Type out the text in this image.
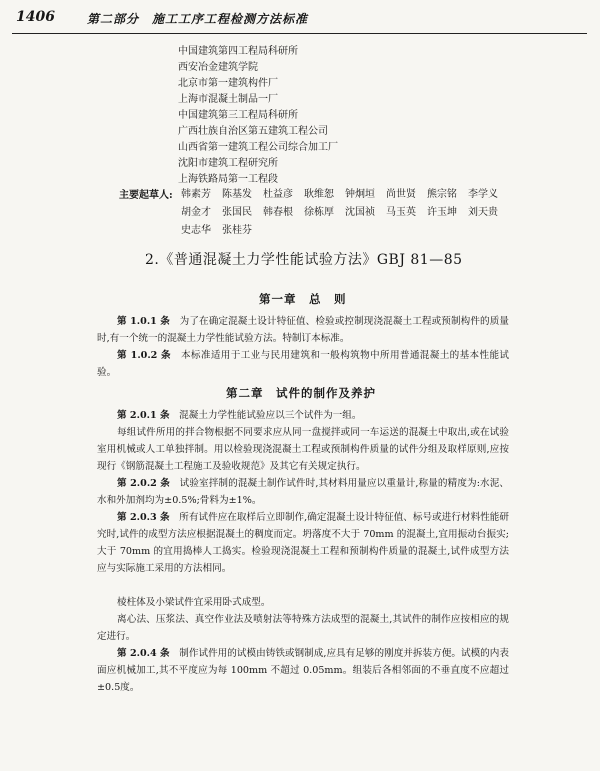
1406	第二部分　施工工序工程检测方法标准
中国建筑第四工程局科研所
西安冶金建筑学院
北京市第一建筑构件厂
上海市混凝土制品一厂
中国建筑第三工程局科研所
广西壮族自治区第五建筑工程公司
山西省第一建筑工程公司综合加工厂
沈阳市建筑工程研究所
上海铁路局第一工程段
主要起草人: 韩素芳	陈基发	杜益彦	耿维恕	钟炯垣	尚世贤	熊宗铭	李学义
胡金才	张国民	韩春根	徐栋厚	沈国祯	马玉英	许玉坤	刘天贵
史志华	张桂芬
2.《普通混凝土力学性能试验方法》GBJ 81—85
第一章　总　则
第 1.0.1 条　 为了在确定混凝土设计特征值、检验或控制现浇混凝土工程或预制构件的质量时,有一个统一的混凝土力学性能试验方法。特制订本标准。
第 1.0.2 条　 本标准适用于工业与民用建筑和一般构筑物中所用普通混凝土的基本性能试验。
第二章　试件的制作及养护
第 2.0.1 条　 混凝土力学性能试验应以三个试件为一组。
每组试件所用的拌合物根据不同要求应从同一盘搅拌或同一车运送的混凝土中取出,或在试验室用机械或人工单独拌制。用以检验现浇混凝土工程或预制构件质量的试件分组及取样原则,应按现行《钢筋混凝土工程施工及验收规范》及其它有关规定执行。
第 2.0.2 条　 试验室拌制的混凝土制作试件时,其材料用量应以重量计,称量的精度为:水泥、水和外加剂均为±0.5%;骨料为±1%。
第 2.0.3 条　 所有试件应在取样后立即制作,确定混凝土设计特征值、标号或进行材料性能研究时,试件的成型方法应根据混凝土的稠度而定。坍落度不大于 70mm 的混凝土,宜用振动台振实;大于 70mm 的宜用捣棒人工捣实。检验现浇混凝土工程和预制构件质量的混凝土,试件成型方法应与实际施工采用的方法相同。
棱柱体及小梁试件宜采用卧式成型。
离心法、压浆法、真空作业法及喷射法等特殊方法成型的混凝土,其试件的制作应按相应的规定进行。
第 2.0.4 条　 制作试件用的试模由铸铁或钢制成,应具有足够的刚度并拆装方便。试模的内表面应机械加工,其不平度应为每 100mm 不超过 0.05mm。组装后各相邻面的不垂直度不应超过±0.5度。
